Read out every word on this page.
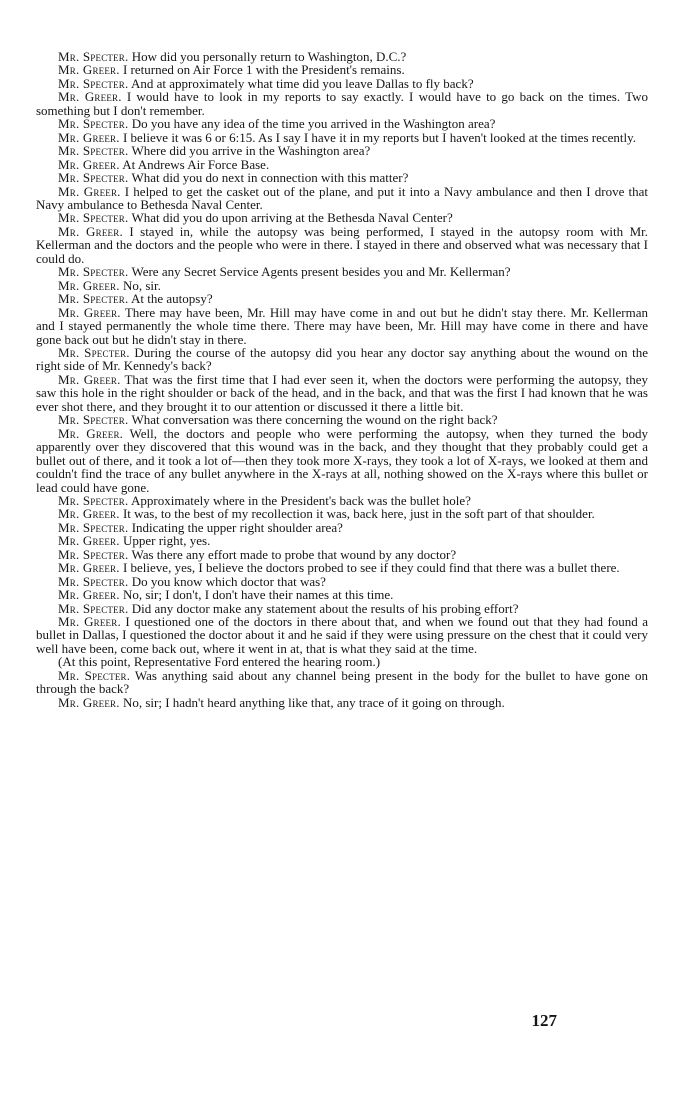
Mr. Specter. How did you personally return to Washington, D.C.?

Mr. Greer. I returned on Air Force 1 with the President's remains.

Mr. Specter. And at approximately what time did you leave Dallas to fly back?

Mr. Greer. I would have to look in my reports to say exactly. I would have to go back on the times. Two something but I don't remember.

Mr. Specter. Do you have any idea of the time you arrived in the Washington area?

Mr. Greer. I believe it was 6 or 6:15. As I say I have it in my reports but I haven't looked at the times recently.

Mr. Specter. Where did you arrive in the Washington area?

Mr. Greer. At Andrews Air Force Base.

Mr. Specter. What did you do next in connection with this matter?

Mr. Greer. I helped to get the casket out of the plane, and put it into a Navy ambulance and then I drove that Navy ambulance to Bethesda Naval Center.

Mr. Specter. What did you do upon arriving at the Bethesda Naval Center?

Mr. Greer. I stayed in, while the autopsy was being performed, I stayed in the autopsy room with Mr. Kellerman and the doctors and the people who were in there. I stayed in there and observed what was necessary that I could do.

Mr. Specter. Were any Secret Service Agents present besides you and Mr. Kellerman?

Mr. Greer. No, sir.

Mr. Specter. At the autopsy?

Mr. Greer. There may have been, Mr. Hill may have come in and out but he didn't stay there. Mr. Kellerman and I stayed permanently the whole time there. There may have been, Mr. Hill may have come in there and have gone back out but he didn't stay in there.

Mr. Specter. During the course of the autopsy did you hear any doctor say anything about the wound on the right side of Mr. Kennedy's back?

Mr. Greer. That was the first time that I had ever seen it, when the doctors were performing the autopsy, they saw this hole in the right shoulder or back of the head, and in the back, and that was the first I had known that he was ever shot there, and they brought it to our attention or discussed it there a little bit.

Mr. Specter. What conversation was there concerning the wound on the right back?

Mr. Greer. Well, the doctors and people who were performing the autopsy, when they turned the body apparently over they discovered that this wound was in the back, and they thought that they probably could get a bullet out of there, and it took a lot of—then they took more X-rays, they took a lot of X-rays, we looked at them and couldn't find the trace of any bullet anywhere in the X-rays at all, nothing showed on the X-rays where this bullet or lead could have gone.

Mr. Specter. Approximately where in the President's back was the bullet hole?

Mr. Greer. It was, to the best of my recollection it was, back here, just in the soft part of that shoulder.

Mr. Specter. Indicating the upper right shoulder area?

Mr. Greer. Upper right, yes.

Mr. Specter. Was there any effort made to probe that wound by any doctor?

Mr. Greer. I believe, yes, I believe the doctors probed to see if they could find that there was a bullet there.

Mr. Specter. Do you know which doctor that was?

Mr. Greer. No, sir; I don't, I don't have their names at this time.

Mr. Specter. Did any doctor make any statement about the results of his probing effort?

Mr. Greer. I questioned one of the doctors in there about that, and when we found out that they had found a bullet in Dallas, I questioned the doctor about it and he said if they were using pressure on the chest that it could very well have been, come back out, where it went in at, that is what they said at the time.

(At this point, Representative Ford entered the hearing room.)

Mr. Specter. Was anything said about any channel being present in the body for the bullet to have gone on through the back?

Mr. Greer. No, sir; I hadn't heard anything like that, any trace of it going on through.

127
